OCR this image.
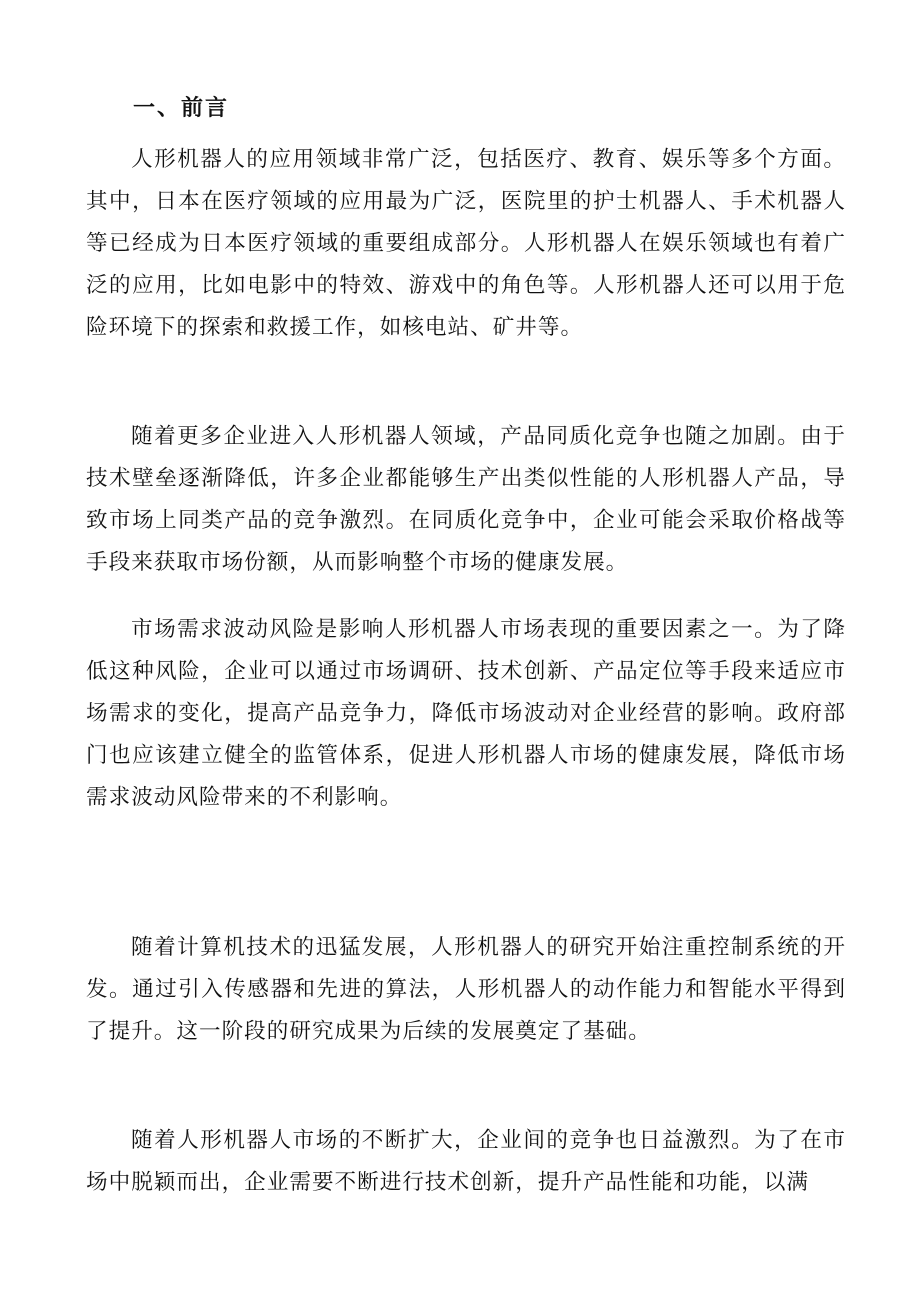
一、前言

人形机器人的应用领域非常广泛，包括医疗、教育、娱乐等多个方面。其中，日本在医疗领域的应用最为广泛，医院里的护士机器人、手术机器人等已经成为日本医疗领域的重要组成部分。人形机器人在娱乐领域也有着广泛的应用，比如电影中的特效、游戏中的角色等。人形机器人还可以用于危险环境下的探索和救援工作，如核电站、矿井等。

随着更多企业进入人形机器人领域，产品同质化竞争也随之加剧。由于技术壁垒逐渐降低，许多企业都能够生产出类似性能的人形机器人产品，导致市场上同类产品的竞争激烈。在同质化竞争中，企业可能会采取价格战等手段来获取市场份额，从而影响整个市场的健康发展。

市场需求波动风险是影响人形机器人市场表现的重要因素之一。为了降低这种风险，企业可以通过市场调研、技术创新、产品定位等手段来适应市场需求的变化，提高产品竞争力，降低市场波动对企业经营的影响。政府部门也应该建立健全的监管体系，促进人形机器人市场的健康发展，降低市场需求波动风险带来的不利影响。

随着计算机技术的迅猛发展，人形机器人的研究开始注重控制系统的开发。通过引入传感器和先进的算法，人形机器人的动作能力和智能水平得到了提升。这一阶段的研究成果为后续的发展奠定了基础。

随着人形机器人市场的不断扩大，企业间的竞争也日益激烈。为了在市场中脱颖而出，企业需要不断进行技术创新，提升产品性能和功能，以满
